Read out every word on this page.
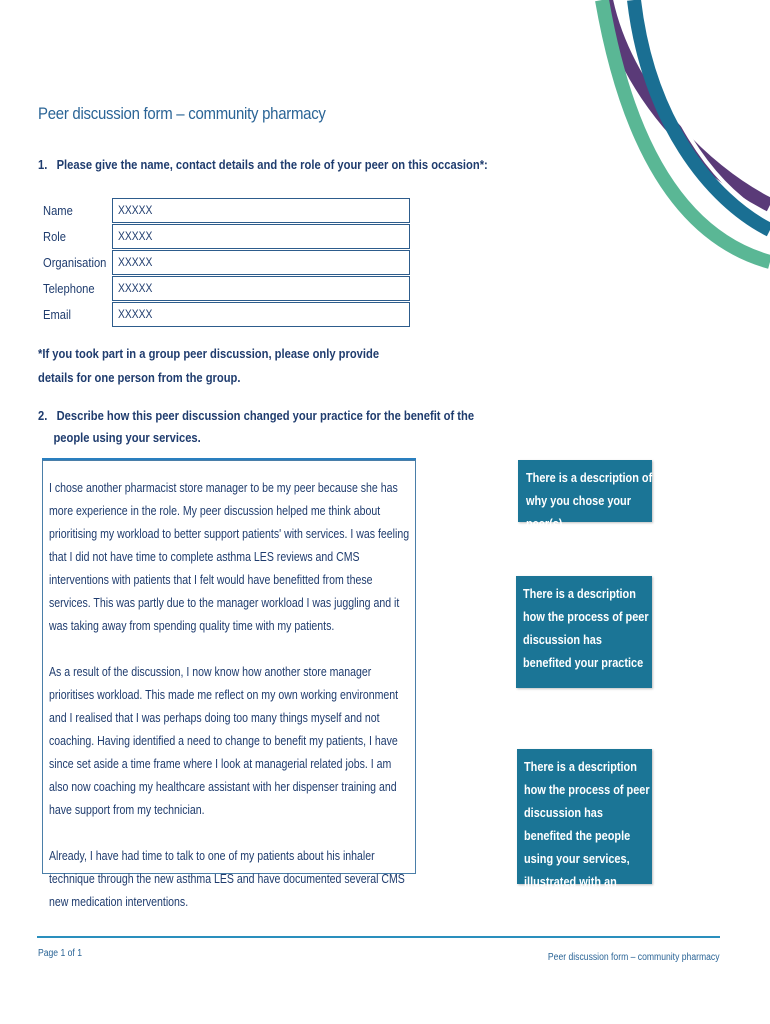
Peer discussion form – community pharmacy
1. Please give the name, contact details and the role of your peer on this occasion*:
Name	XXXXX
Role	XXXXX
Organisation XXXXX
Telephone XXXXX
Email	XXXXX
*If you took part in a group peer discussion, please only provide details for one person from the group.
2. Describe how this peer discussion changed your practice for the benefit of the
people using your services.

I chose another pharmacist store manager to be my peer because she has more experience in the role. My peer discussion helped me think about prioritising my workload to better support patients' with services. I was feeling that I did not have time to complete asthma LES reviews and CMS interventions with patients that I felt would have benefitted from these services. This was partly due to the manager workload I was juggling and it was taking away from spending quality time with my patients.

As a result of the discussion, I now know how another store manager prioritises workload. This made me reflect on my own working environment and I realised that I was perhaps doing too many things myself and not coaching. Having identified a need to change to benefit my patients, I have since set aside a time frame where I look at managerial related jobs. I am also now coaching my healthcare assistant with her dispenser training and have support from my technician.

Already, I have had time to talk to one of my patients about his inhaler technique through the new asthma LES and have documented several CMS new medication interventions.

There is a description of why you chose your peer(s)
There is a description how the process of peer discussion has benefited your practice
There is a description how the process of peer discussion has benefited the people using your services, illustrated with an example
Page 1 of 1	Peer discussion form – community pharmacy
